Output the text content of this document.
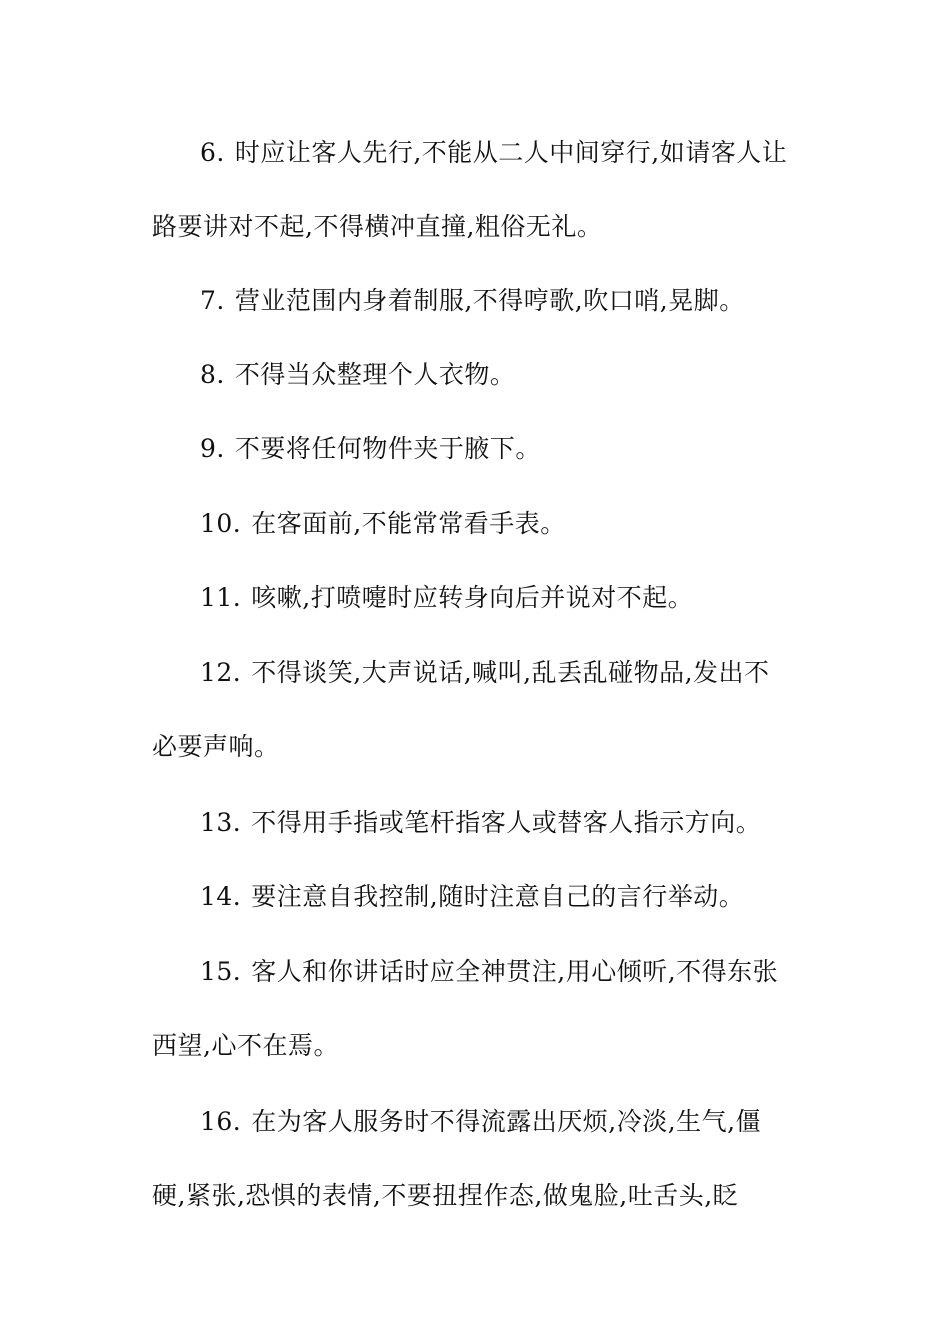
6. 时应让客人先行,不能从二人中间穿行,如请客人让
路要讲对不起,不得横冲直撞,粗俗无礼。
7. 营业范围内身着制服,不得哼歌,吹口哨,晃脚。
8. 不得当众整理个人衣物。
9. 不要将任何物件夹于腋下。
10. 在客面前,不能常常看手表。
11. 咳嗽,打喷嚏时应转身向后并说对不起。
12. 不得谈笑,大声说话,喊叫,乱丢乱碰物品,发出不
必要声响。
13. 不得用手指或笔杆指客人或替客人指示方向。
14. 要注意自我控制,随时注意自己的言行举动。
15. 客人和你讲话时应全神贯注,用心倾听,不得东张
西望,心不在焉。
16. 在为客人服务时不得流露出厌烦,冷淡,生气,僵
硬,紧张,恐惧的表情,不要扭捏作态,做鬼脸,吐舌头,眨
